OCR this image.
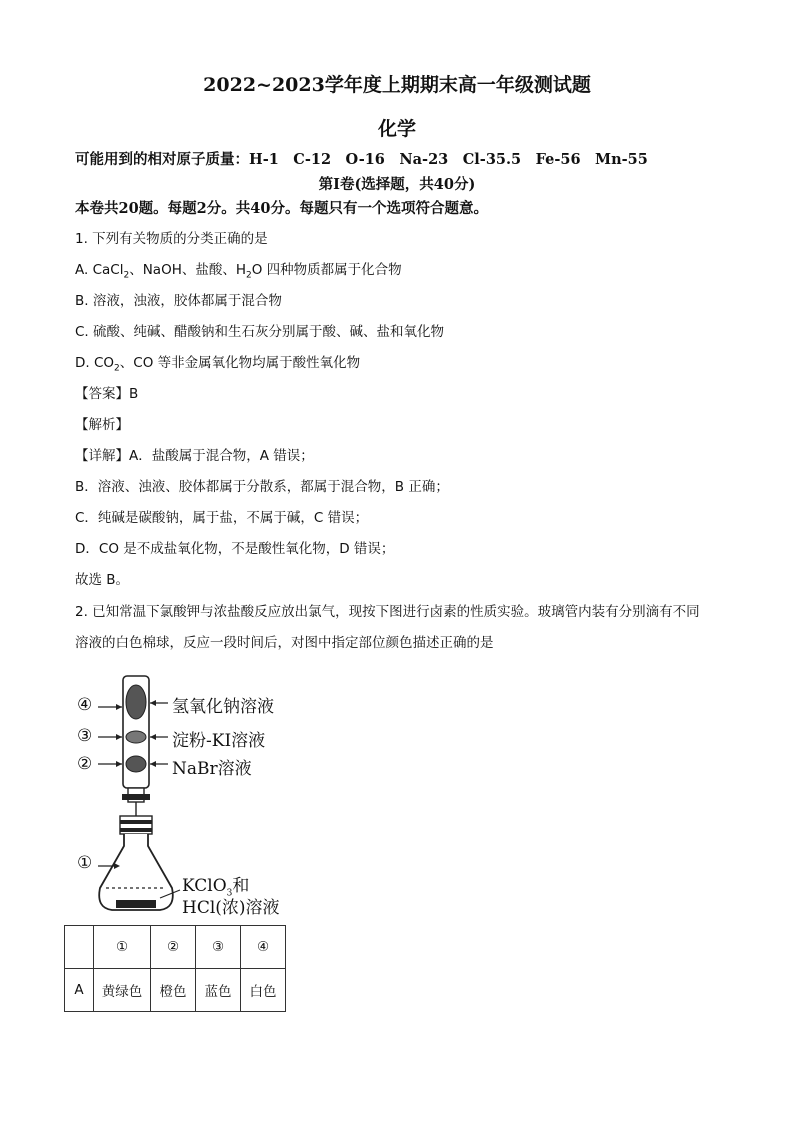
2022~2023学年度上期期末高一年级测试题
化学
可能用到的相对原子质量：H-1　C-12　O-16　Na-23　Cl-35.5　Fe-56　Mn-55
第Ⅰ卷(选择题，共40分)
本卷共20题。每题2分。共40分。每题只有一个选项符合题意。
1. 下列有关物质的分类正确的是
A. CaCl$_2$、NaOH、盐酸、$H_2O$ 四种物质都属于化合物
B. 溶液，浊液，胶体都属于混合物
C. 硫酸、纯碱、醋酸钠和生石灰分别属于酸、碱、盐和氧化物
D. $CO_2$、CO 等非金属氧化物均属于酸性氧化物
【答案】B
【解析】
【详解】A．盐酸属于混合物，A 错误；
B．溶液、浊液、胶体都属于分散系，都属于混合物，B 正确；
C．纯碱是碳酸钠，属于盐，不属于碱，C 错误；
D．CO 是不成盐氧化物，不是酸性氧化物，D 错误；
故选 B。
2. 已知常温下氯酸钾与浓盐酸反应放出氯气，现按下图进行卤素的性质实验。玻璃管内装有分别滴有不同
溶液的白色棉球，反应一段时间后，对图中指定部位颜色描述正确的是
④	氢氧化钠溶液
③	淀粉-KI溶液
②	NaBr溶液
①
KClO$_3$和
HCl(浓)溶液
	①	②	③	④
A	黄绿色	橙色	蓝色	白色
